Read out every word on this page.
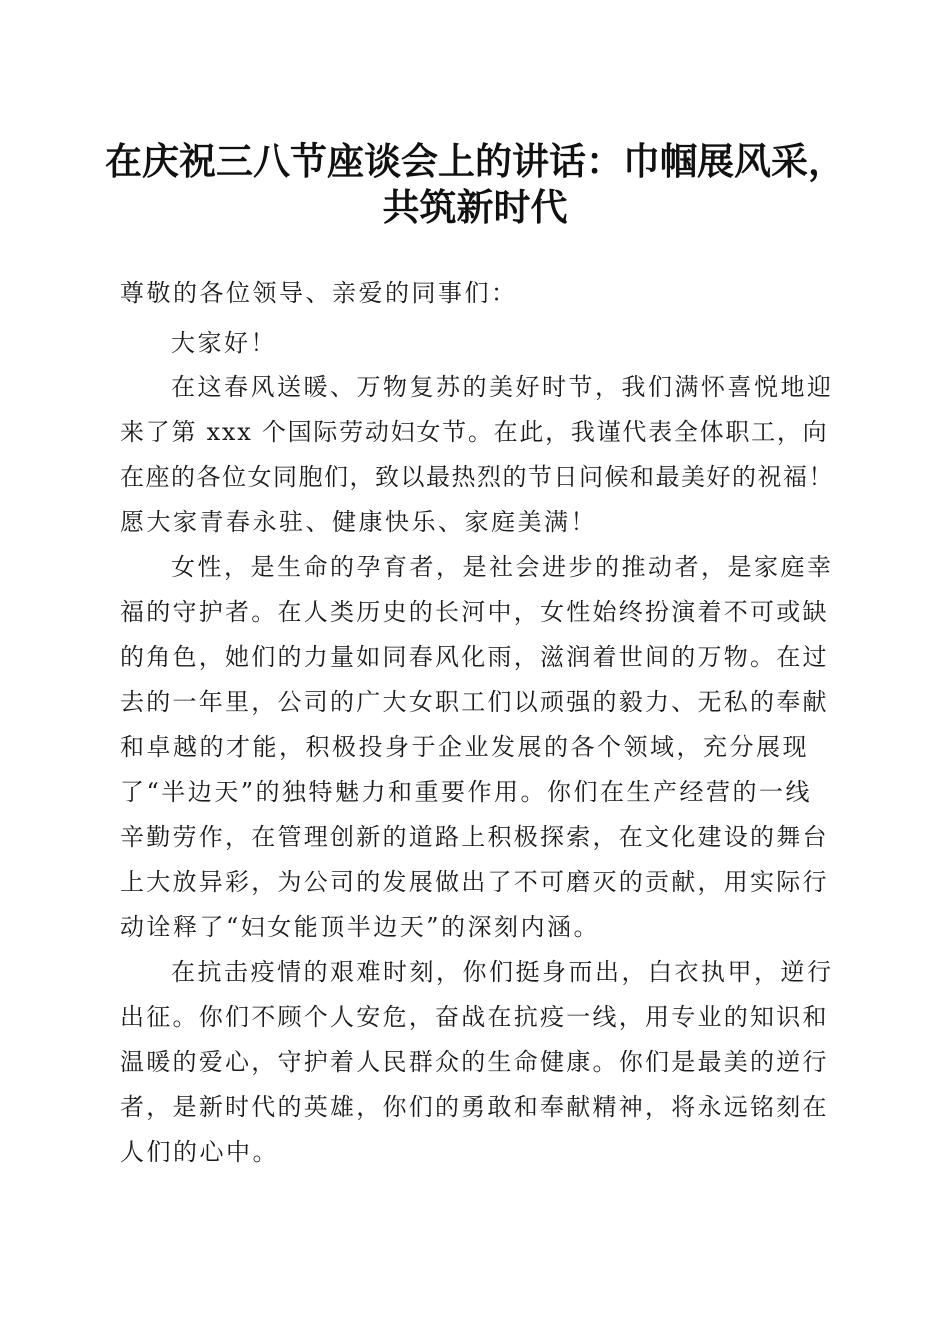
在庆祝三八节座谈会上的讲话：巾帼展风采，
共筑新时代
尊敬的各位领导、亲爱的同事们：
大家好！
在这春风送暖、万物复苏的美好时节，我们满怀喜悦地迎
来了第 xxx 个国际劳动妇女节。在此，我谨代表全体职工，向
在座的各位女同胞们，致以最热烈的节日问候和最美好的祝福！
愿大家青春永驻、健康快乐、家庭美满！
女性，是生命的孕育者，是社会进步的推动者，是家庭幸
福的守护者。在人类历史的长河中，女性始终扮演着不可或缺
的角色，她们的力量如同春风化雨，滋润着世间的万物。在过
去的一年里，公司的广大女职工们以顽强的毅力、无私的奉献
和卓越的才能，积极投身于企业发展的各个领域，充分展现
了“半边天”的独特魅力和重要作用。你们在生产经营的一线
辛勤劳作，在管理创新的道路上积极探索，在文化建设的舞台
上大放异彩，为公司的发展做出了不可磨灭的贡献，用实际行
动诠释了“妇女能顶半边天”的深刻内涵。
在抗击疫情的艰难时刻，你们挺身而出，白衣执甲，逆行
出征。你们不顾个人安危，奋战在抗疫一线，用专业的知识和
温暖的爱心，守护着人民群众的生命健康。你们是最美的逆行
者，是新时代的英雄，你们的勇敢和奉献精神，将永远铭刻在
人们的心中。
